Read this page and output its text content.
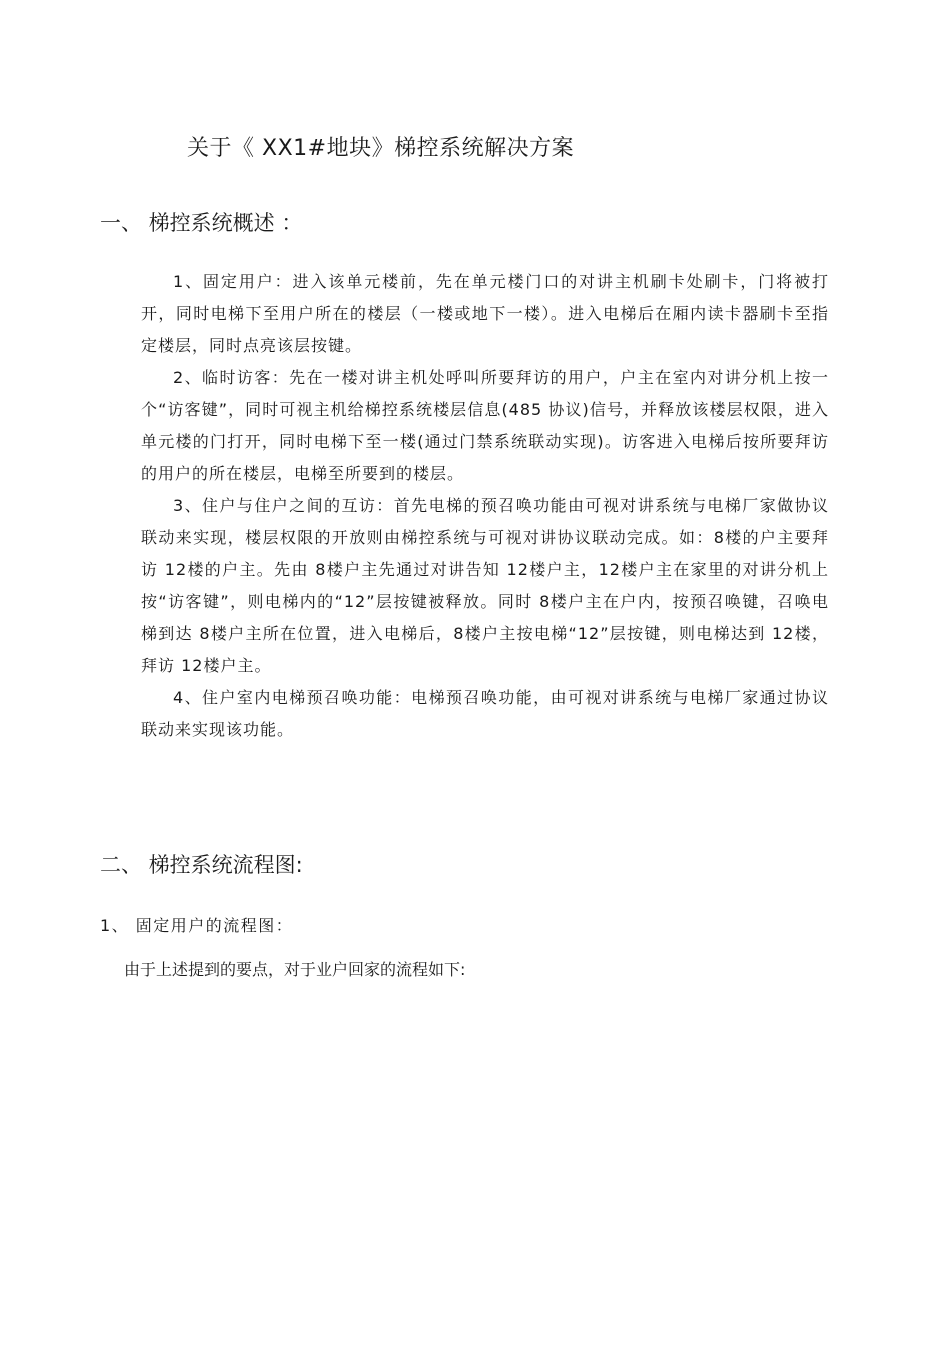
关于《 XX1#地块》梯控系统解决方案
一、 梯控系统概述 ：

1、固定用户：进入该单元楼前，先在单元楼门口的对讲主机刷卡处刷卡，门将被打开，同时电梯下至用户所在的楼层（一楼或地下一楼）。进入电梯后在厢内读卡器刷卡至指定楼层，同时点亮该层按键。

2、临时访客：先在一楼对讲主机处呼叫所要拜访的用户，户主在室内对讲分机上按一个“访客键”，同时可视主机给梯控系统楼层信息(485 协议)信号，并释放该楼层权限，进入单元楼的门打开，同时电梯下至一楼(通过门禁系统联动实现)。访客进入电梯后按所要拜访的用户的所在楼层，电梯至所要到的楼层。

3、住户与住户之间的互访：首先电梯的预召唤功能由可视对讲系统与电梯厂家做协议联动来实现，楼层权限的开放则由梯控系统与可视对讲协议联动完成。如：8楼的户主要拜访 12楼的户主。先由 8楼户主先通过对讲告知 12楼户主，12楼户主在家里的对讲分机上按“访客键”，则电梯内的“12”层按键被释放。同时 8楼户主在户内，按预召唤键，召唤电梯到达 8楼户主所在位置，进入电梯后，8楼户主按电梯“12”层按键，则电梯达到 12楼，拜访 12楼户主。

4、住户室内电梯预召唤功能：电梯预召唤功能，由可视对讲系统与电梯厂家通过协议联动来实现该功能。

二、 梯控系统流程图:
1、 固定用户的流程图：
由于上述提到的要点，对于业户回家的流程如下:
